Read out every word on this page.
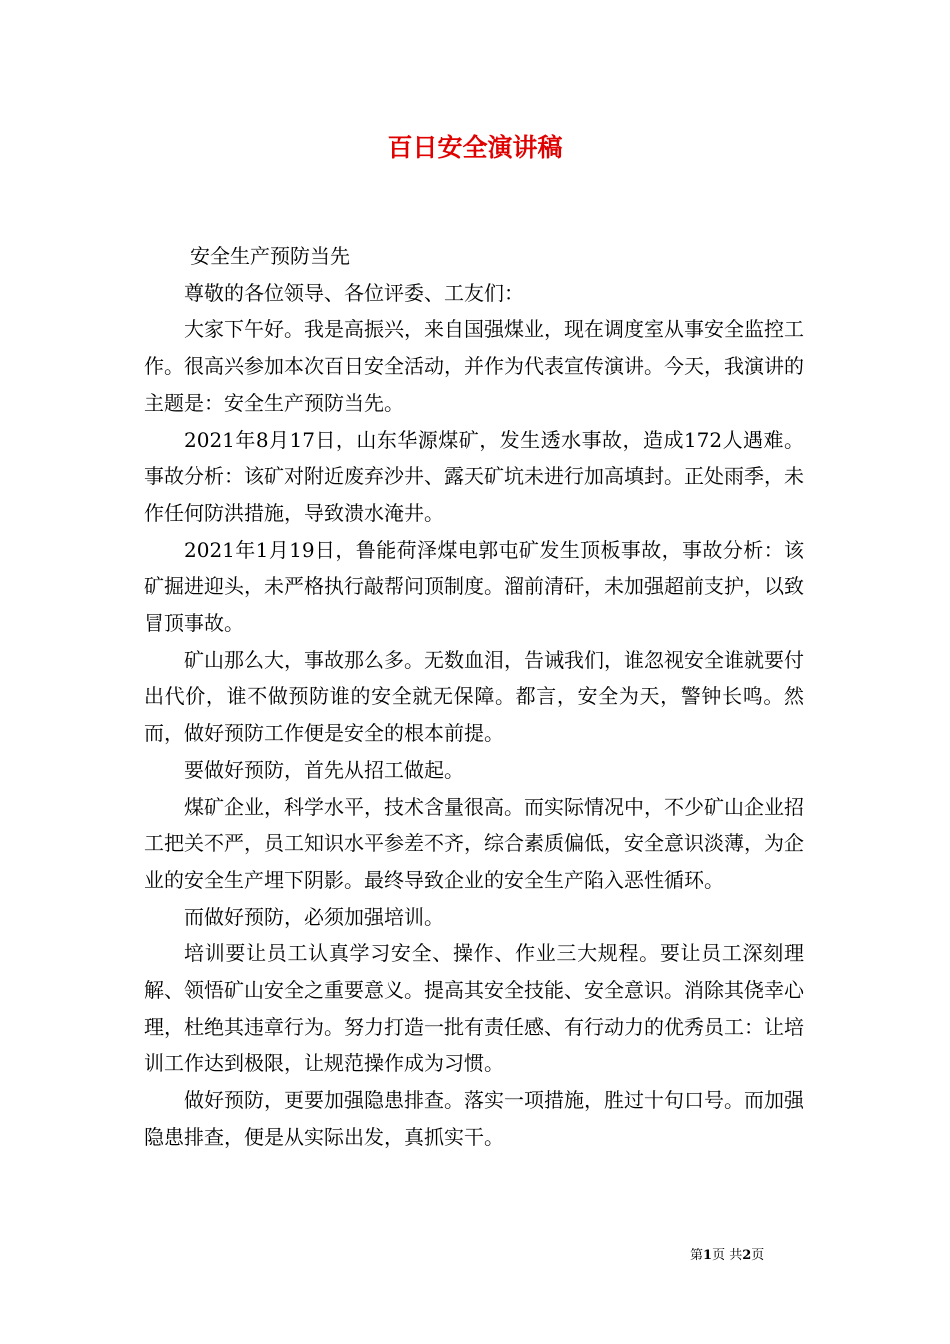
百日安全演讲稿

安全生产预防当先

尊敬的各位领导、各位评委、工友们：

大家下午好。我是高振兴，来自国强煤业，现在调度室从事安全监控工作。很高兴参加本次百日安全活动，并作为代表宣传演讲。今天，我演讲的主题是：安全生产预防当先。

2021年8月17日，山东华源煤矿，发生透水事故，造成172人遇难。事故分析：该矿对附近废弃沙井、露天矿坑未进行加高填封。正处雨季，未作任何防洪措施，导致溃水淹井。

2021年1月19日，鲁能荷泽煤电郭屯矿发生顶板事故，事故分析：该矿掘进迎头，未严格执行敲帮问顶制度。溜前清矸，未加强超前支护，以致冒顶事故。

矿山那么大，事故那么多。无数血泪，告诫我们，谁忽视安全谁就要付出代价，谁不做预防谁的安全就无保障。都言，安全为天，警钟长鸣。然而，做好预防工作便是安全的根本前提。

要做好预防，首先从招工做起。

煤矿企业，科学水平，技术含量很高。而实际情况中，不少矿山企业招工把关不严，员工知识水平参差不齐，综合素质偏低，安全意识淡薄，为企业的安全生产埋下阴影。最终导致企业的安全生产陷入恶性循环。

而做好预防，必须加强培训。

培训要让员工认真学习安全、操作、作业三大规程。要让员工深刻理解、领悟矿山安全之重要意义。提高其安全技能、安全意识。消除其侥幸心理，杜绝其违章行为。努力打造一批有责任感、有行动力的优秀员工：让培训工作达到极限，让规范操作成为习惯。

做好预防，更要加强隐患排查。落实一项措施，胜过十句口号。而加强隐患排查，便是从实际出发，真抓实干。

第1页 共2页
